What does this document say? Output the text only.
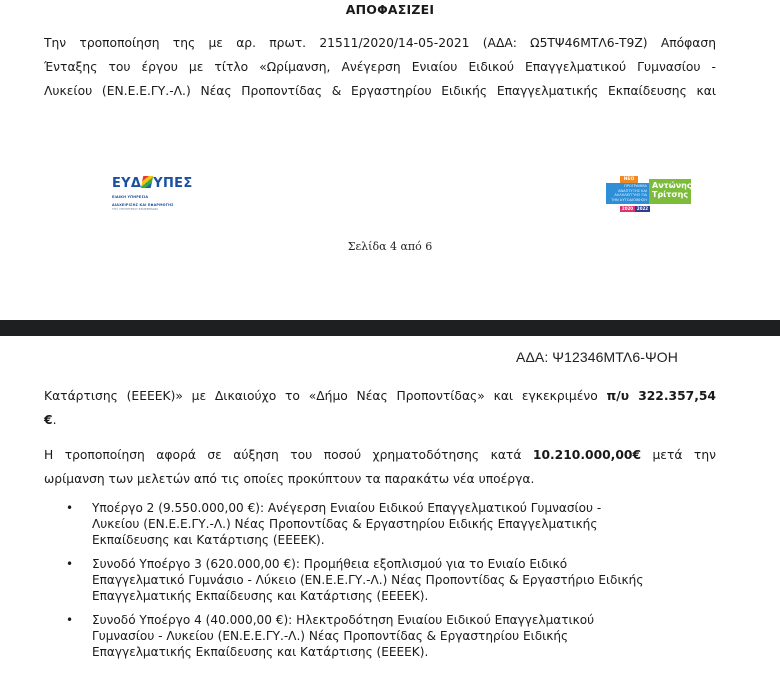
ΑΠΟΦΑΣΙΖΕΙ

Την τροποποίηση της με αρ. πρωτ. 21511/2020/14-05-2021 (ΑΔΑ: Ω5ΤΨ46ΜΤΛ6-Τ9Ζ) Απόφαση
Ένταξης του έργου με τίτλο «Ωρίμανση, Ανέγερση Ενιαίου Ειδικού Επαγγελματικού Γυμνασίου -
Λυκείου (ΕΝ.Ε.Ε.ΓΥ.-Λ.) Νέας Προποντίδας & Εργαστηρίου Ειδικής Επαγγελματικής Εκπαίδευσης και

ΕΥΔ ΥΠΕΣ
ΕΙΔΙΚΗ ΥΠΗΡΕΣΙΑ
ΔΙΑΧΕΙΡΙΣΗΣ ΚΑΙ ΕΦΑΡΜΟΓΗΣ
ΤΟΥ ΥΠΟΥΡΓΕΙΟΥ ΕΣΩΤΕΡΙΚΩΝ
ΝΕΟ
ΠΡΟΓΡΑΜΜΑ
ΑΝΑΠΤΥΞΗΣ ΚΑΙ
ΑΛΛΗΛΕΓΓΥΗΣ ΓΙΑ
ΤΗΝ ΑΥΤΟΔΙΟΙΚΗΣΗ
Αντώνης
Τρίτσης
2020 2022
Σελίδα 4 από 6
ΑΔΑ: Ψ12346ΜΤΛ6-ΨΟΗ

Κατάρτισης (ΕΕΕΕΚ)» με Δικαιούχο το «Δήμο Νέας Προποντίδας» και εγκεκριμένο π/υ 322.357,54
€.

Η τροποποίηση αφορά σε αύξηση του ποσού χρηματοδότησης κατά 10.210.000,00€ μετά την
ωρίμανση των μελετών από τις οποίες προκύπτουν τα παρακάτω νέα υποέργα.

• Υποέργο 2 (9.550.000,00 €): Ανέγερση Ενιαίου Ειδικού Επαγγελματικού Γυμνασίου -
Λυκείου (ΕΝ.Ε.Ε.ΓΥ.-Λ.) Νέας Προποντίδας & Εργαστηρίου Ειδικής Επαγγελματικής
Εκπαίδευσης και Κατάρτισης (ΕΕΕΕΚ).
• Συνοδό Υποέργο 3 (620.000,00 €): Προμήθεια εξοπλισμού για το Ενιαίο Ειδικό
Επαγγελματικό Γυμνάσιο - Λύκειο (ΕΝ.Ε.Ε.ΓΥ.-Λ.) Νέας Προποντίδας & Εργαστήριο Ειδικής
Επαγγελματικής Εκπαίδευσης και Κατάρτισης (ΕΕΕΕΚ).
• Συνοδό Υποέργο 4 (40.000,00 €): Ηλεκτροδότηση Ενιαίου Ειδικού Επαγγελματικού
Γυμνασίου - Λυκείου (ΕΝ.Ε.Ε.ΓΥ.-Λ.) Νέας Προποντίδας & Εργαστηρίου Ειδικής
Επαγγελματικής Εκπαίδευσης και Κατάρτισης (ΕΕΕΕΚ).
